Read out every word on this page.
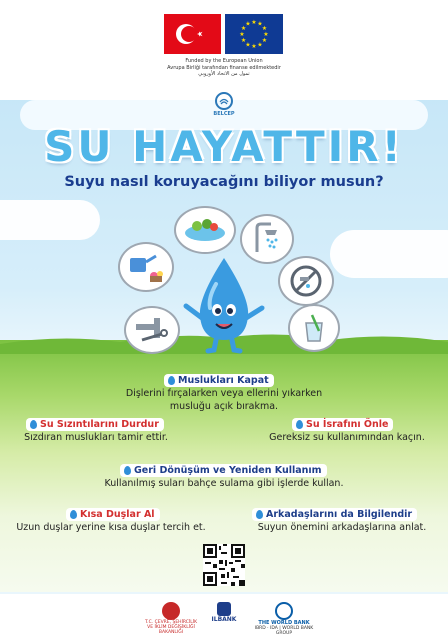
★ ★
★
★
★
★
★
★
★
★
★
★
Funded by the European Union
Avrupa Birliği tarafından finanse edilmektedir
تمول من الاتحاد الأوروبي
BELCEP
SU HAYATTIR!
Suyu nasıl koruyacağını biliyor musun?
Muslukları Kapat
Dişlerini fırçalarken veya ellerini yıkarken
musluğu açık bırakma.
Su Sızıntılarını Durdur
Sızdıran muslukları tamir ettir.
Su İsrafını Önle
Gereksiz su kullanımından kaçın.
Geri Dönüşüm ve Yeniden Kullanım
Kullanılmış suları bahçe sulama gibi işlerde kullan.
Kısa Duşlar Al
Uzun duşlar yerine kısa duşlar tercih et.
Arkadaşlarını da Bilgilendir
Suyun önemini arkadaşlarına anlat.
T.C. ÇEVRE, ŞEHİRCİLİK
VE İKLİM DEĞİŞİKLİĞİ BAKANLIĞI
ILBANK	THE WORLD BANK
IBRD · IDA | WORLD BANK GROUP
